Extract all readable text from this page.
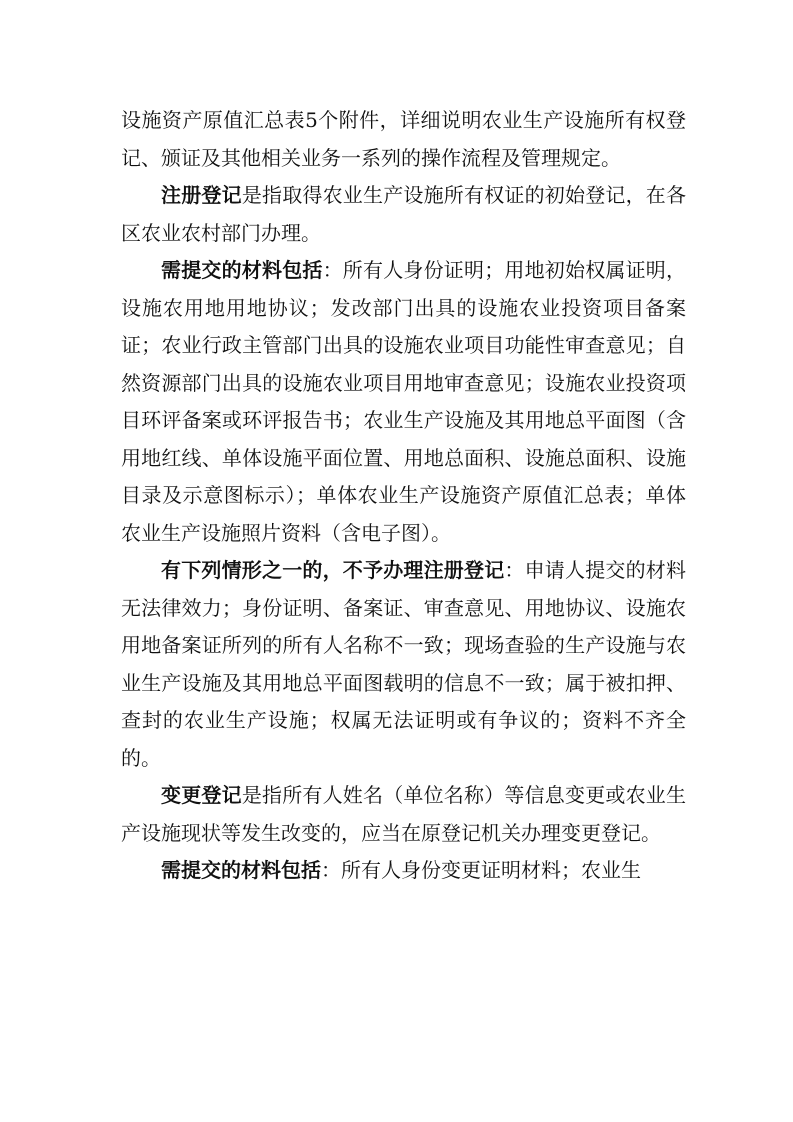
设施资产原值汇总表5个附件，详细说明农业生产设施所有权登记、颁证及其他相关业务一系列的操作流程及管理规定。

注册登记是指取得农业生产设施所有权证的初始登记，在各区农业农村部门办理。

需提交的材料包括：所有人身份证明；用地初始权属证明，设施农用地用地协议；发改部门出具的设施农业投资项目备案证；农业行政主管部门出具的设施农业项目功能性审查意见；自然资源部门出具的设施农业项目用地审查意见；设施农业投资项目环评备案或环评报告书；农业生产设施及其用地总平面图（含用地红线、单体设施平面位置、用地总面积、设施总面积、设施目录及示意图标示）；单体农业生产设施资产原值汇总表；单体农业生产设施照片资料（含电子图）。

有下列情形之一的，不予办理注册登记：申请人提交的材料无法律效力；身份证明、备案证、审查意见、用地协议、设施农用地备案证所列的所有人名称不一致；现场查验的生产设施与农业生产设施及其用地总平面图载明的信息不一致；属于被扣押、查封的农业生产设施；权属无法证明或有争议的；资料不齐全的。

变更登记是指所有人姓名（单位名称）等信息变更或农业生产设施现状等发生改变的，应当在原登记机关办理变更登记。

需提交的材料包括：所有人身份变更证明材料；农业生
